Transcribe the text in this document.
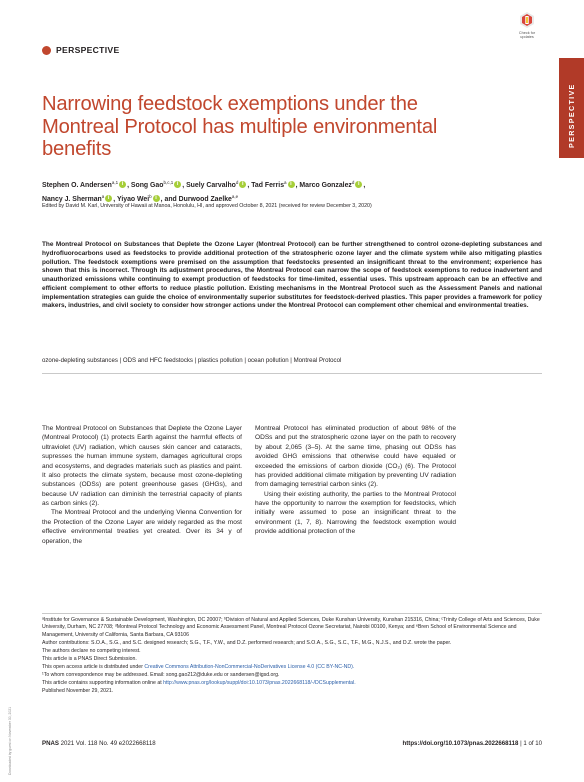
Downloaded by guest on November 30, 2021
Check for
updates
PERSPECTIVE
PERSPECTIVE
Narrowing feedstock exemptions under the Montreal Protocol has multiple environmental benefits
Stephen O. Andersen$^{a,1}$ i , Song Gao$^{b,c,1}$ i , Suely Carvalho$^d$ i , Tad Ferris$^a$ i , Marco Gonzalez$^d$ i ,
Nancy J. Sherman$^a$ i , Yiyao Wei$^b$ i , and Durwood Zaelke$^{a,e}$
Edited by David M. Karl, University of Hawaii at Manoa, Honolulu, HI, and approved October 8, 2021 (received for review December 3, 2020)
The Montreal Protocol on Substances that Deplete the Ozone Layer (Montreal Protocol) can be further strengthened to control ozone-depleting substances and hydrofluorocarbons used as feedstocks to provide additional protection of the stratospheric ozone layer and the climate system while also mitigating plastics pollution. The feedstock exemptions were premised on the assumption that feedstocks presented an insignificant threat to the environment; experience has shown that this is incorrect. Through its adjustment procedures, the Montreal Protocol can narrow the scope of feedstock exemptions to reduce inadvertent and unauthorized emissions while continuing to exempt production of feedstocks for time-limited, essential uses. This upstream approach can be an effective and efficient complement to other efforts to reduce plastic pollution. Existing mechanisms in the Montreal Protocol such as the Assessment Panels and national implementation strategies can guide the choice of environmentally superior substitutes for feedstock-derived plastics. This paper provides a framework for policy makers, industries, and civil society to consider how stronger actions under the Montreal Protocol can complement other chemical and environmental treaties.
ozone-depleting substances | ODS and HFC feedstocks | plastics pollution | ocean pollution | Montreal Protocol

The Montreal Protocol on Substances that Deplete the Ozone Layer (Montreal Protocol) (1) protects Earth against the harmful effects of ultraviolet (UV) radiation, which causes skin cancer and cataracts, supresses the human immune system, damages agricultural crops and ecosystems, and degrades materials such as plastics and paint. It also protects the climate system, because most ozone-depleting substances (ODSs) are potent greenhouse gases (GHGs), and because UV radiation can diminish the terrestrial capacity of plants as carbon sinks (2).

The Montreal Protocol and the underlying Vienna Convention for the Protection of the Ozone Layer are widely regarded as the most effective environmental treaties yet created. Over its 34 y of operation, the

Montreal Protocol has eliminated production of about 98% of the ODSs and put the stratospheric ozone layer on the path to recovery by about 2,065 (3–5). At the same time, phasing out ODSs has avoided GHG emissions that otherwise could have equaled or exceeded the emissions of carbon dioxide (CO₂) (6). The Protocol has provided additional climate mitigation by preventing UV radiation from damaging terrestrial carbon sinks (2).

Using their existing authority, the parties to the Montreal Protocol have the opportunity to narrow the exemption for feedstocks, which initially were assumed to pose an insignificant threat to the environment (1, 7, 8). Narrowing the feedstock exemption would provide additional protection of the

ᵃInstitute for Governance & Sustainable Development, Washington, DC 20007; ᵇDivision of Natural and Applied Sciences, Duke Kunshan University, Kunshan 215316, China; ᶜTrinity College of Arts and Sciences, Duke University, Durham, NC 27708; ᵈMontreal Protocol Technology and Economic Assessment Panel, Montreal Protocol Ozone Secretariat, Nairobi 00100, Kenya; and ᵉBren School of Environmental Science and Management, University of California, Santa Barbara, CA 93106
Author contributions: S.O.A., S.G., and S.C. designed research; S.G., T.F., Y.W., and D.Z. performed research; and S.O.A., S.G., S.C., T.F., M.G., N.J.S., and D.Z. wrote the paper.
The authors declare no competing interest.
This article is a PNAS Direct Submission.
This open access article is distributed under Creative Commons Attribution-NonCommercial-NoDerivatives License 4.0 (CC BY-NC-ND).
¹To whom correspondence may be addressed. Email: song.gao212@duke.edu or sandersen@igsd.org.
This article contains supporting information online at http://www.pnas.org/lookup/suppl/doi:10.1073/pnas.2022668118/-/DCSupplemental.
Published November 29, 2021.
PNAS 2021 Vol. 118 No. 49 e2022668118	https://doi.org/10.1073/pnas.2022668118 | 1 of 10
